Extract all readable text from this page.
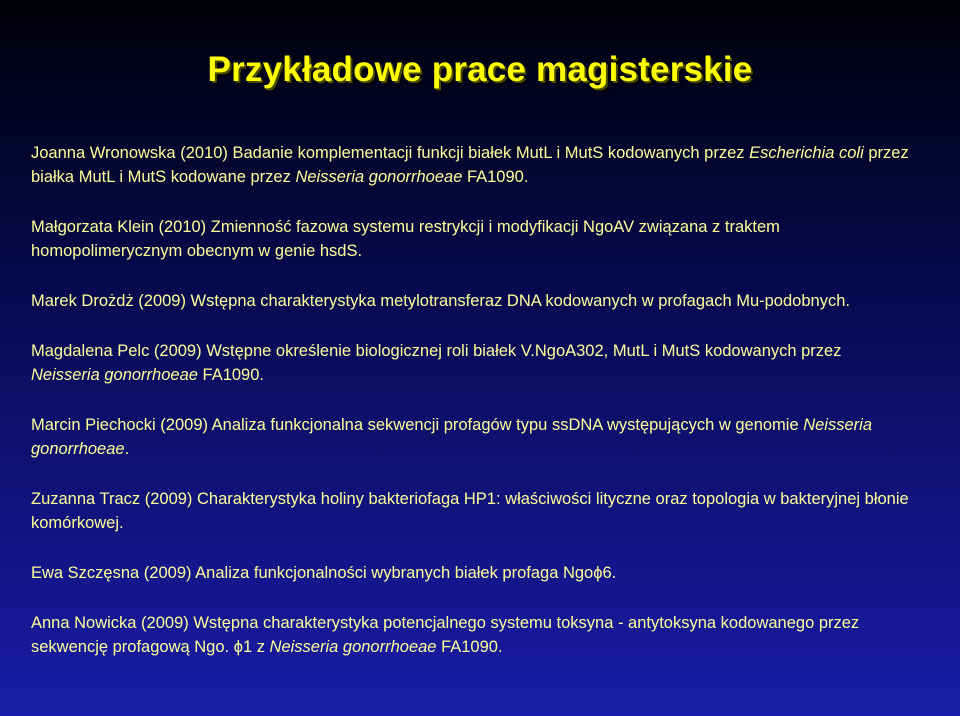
Przykładowe prace magisterskie
Joanna Wronowska (2010) Badanie komplementacji funkcji białek MutL i MutS kodowanych przez Escherichia coli przez białka MutL i MutS kodowane przez Neisseria gonorrhoeae FA1090.
Małgorzata Klein (2010) Zmienność fazowa systemu restrykcji i modyfikacji NgoAV związana z traktem homopolimerycznym obecnym w genie hsdS.
Marek Drożdż (2009) Wstępna charakterystyka metylotransferaz DNA kodowanych w profagach Mu-podobnych.
Magdalena Pelc (2009) Wstępne określenie biologicznej roli białek V.NgoA302, MutL i MutS kodowanych przez Neisseria gonorrhoeae FA1090.
Marcin Piechocki (2009) Analiza funkcjonalna sekwencji profagów typu ssDNA występujących w genomie Neisseria gonorrhoeae.
Zuzanna Tracz (2009) Charakterystyka holiny bakteriofaga HP1: właściwości lityczne oraz topologia w bakteryjnej błonie komórkowej.
Ewa Szczęsna (2009) Analiza funkcjonalności wybranych białek profaga Ngoϕ6.
Anna Nowicka (2009) Wstępna charakterystyka potencjalnego systemu toksyna - antytoksyna kodowanego przez sekwencję profagową Ngo. ϕ1 z Neisseria gonorrhoeae FA1090.
